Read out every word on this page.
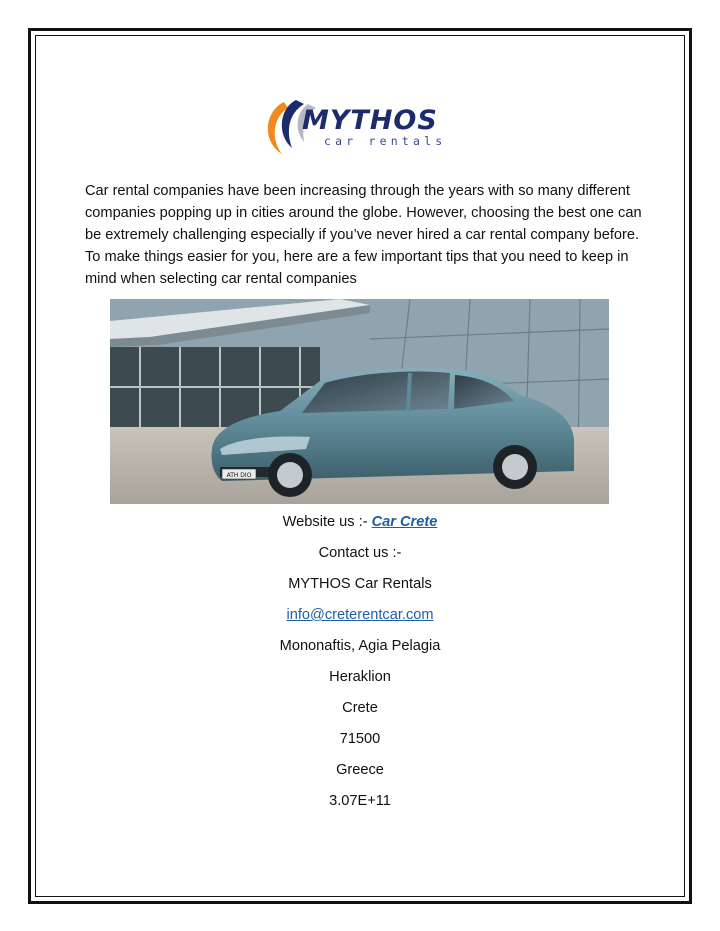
MYTHOS
car rentals

Car rental companies have been increasing through the years with so many different companies popping up in cities around the globe. However, choosing the best one can be extremely challenging especially if you’ve never hired a car rental company before. To make things easier for you, here are a few important tips that you need to keep in mind when selecting car rental companies

ATH DIO
Website us :- Car Crete
Contact us :-
MYTHOS Car Rentals
info@creterentcar.com
Mononaftis, Agia Pelagia
Heraklion
Crete
71500
Greece
3.07E+11
